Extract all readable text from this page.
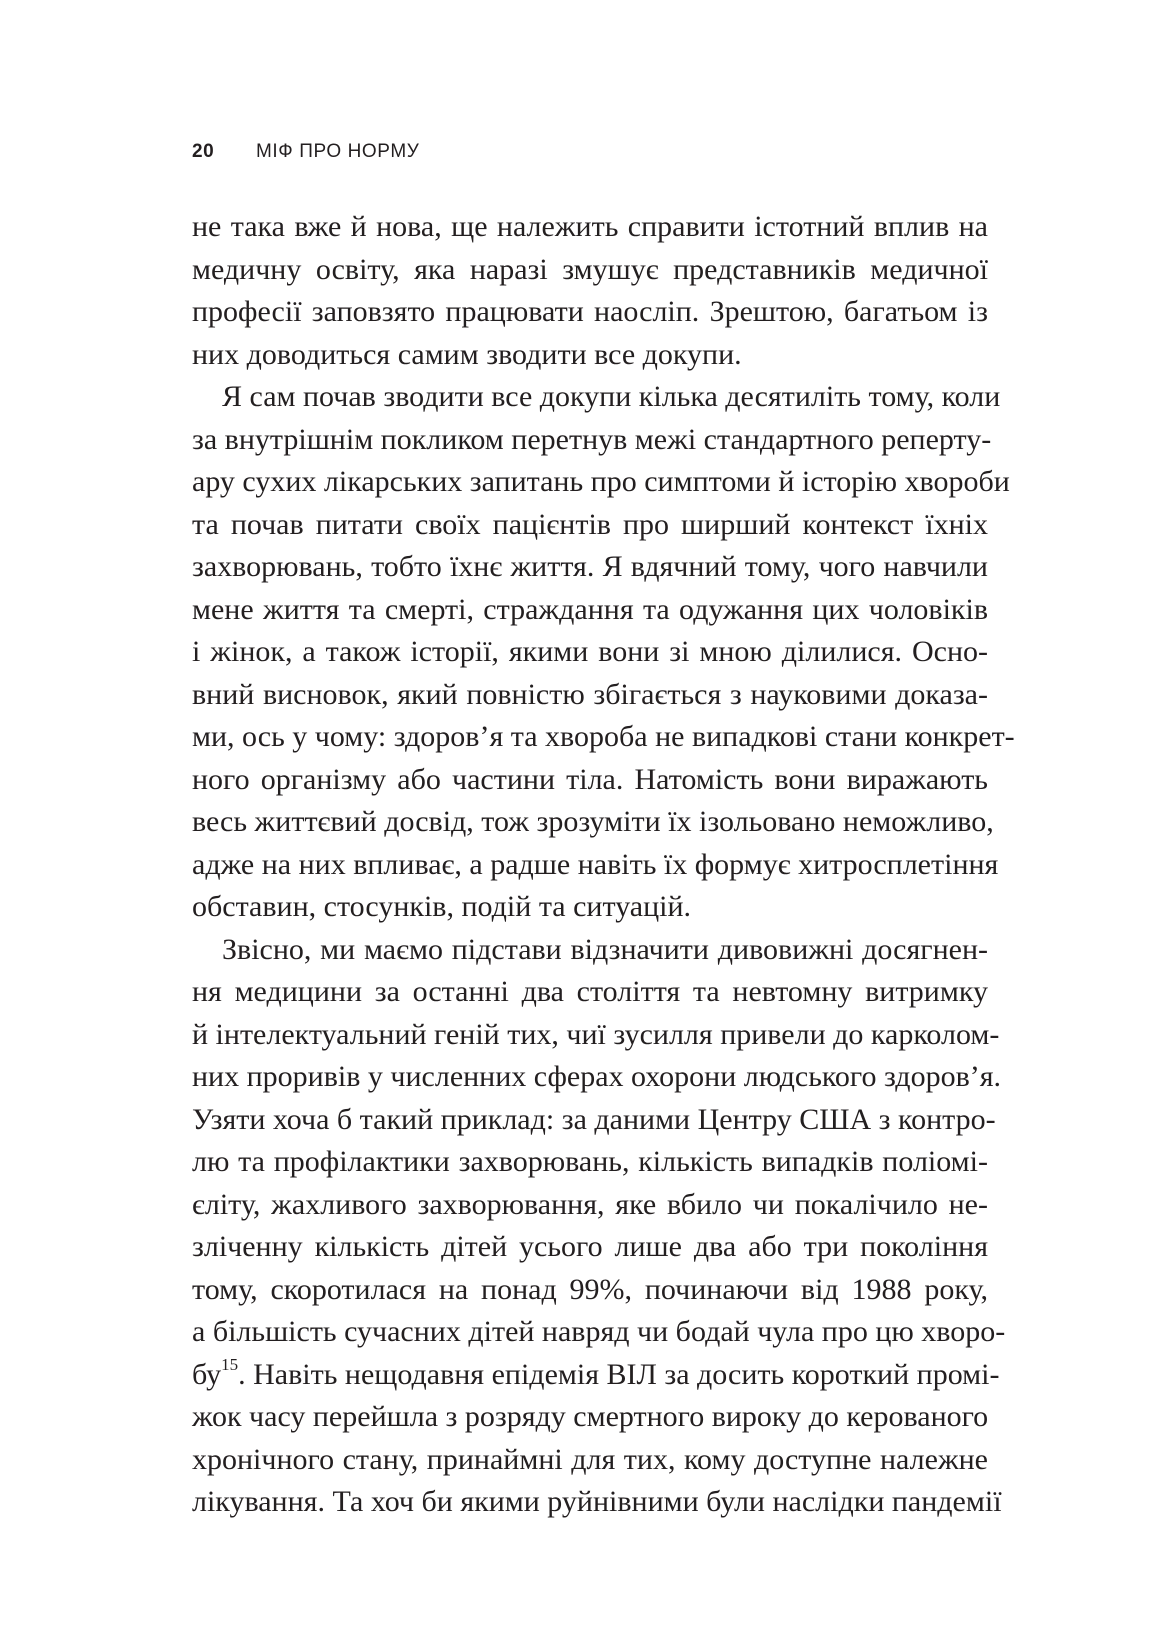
20 МІФ ПРО НОРМУ
не така вже й нова, ще належить справити істотний вплив на
медичну освіту, яка наразі змушує представників медичної
професії заповзято працювати наосліп. Зрештою, багатьом із
них доводиться самим зводити все докупи.
Я сам почав зводити все докупи кілька десятиліть тому, коли
за внутрішнім покликом перетнув межі стандартного реперту-
ару сухих лікарських запитань про симптоми й історію хвороби
та почав питати своїх пацієнтів про ширший контекст їхніх
захворювань, тобто їхнє життя. Я вдячний тому, чого навчили
мене життя та смерті, страждання та одужання цих чоловіків
і жінок, а також історії, якими вони зі мною ділилися. Осно-
вний висновок, який повністю збігається з науковими доказа-
ми, ось у чому: здоров’я та хвороба не випадкові стани конкрет-
ного організму або частини тіла. Натомість вони виражають
весь життєвий досвід, тож зрозуміти їх ізольовано неможливо,
адже на них впливає, а радше навіть їх формує хитросплетіння
обставин, стосунків, подій та ситуацій.
Звісно, ми маємо підстави відзначити дивовижні досягнен-
ня медицини за останні два століття та невтомну витримку
й інтелектуальний геній тих, чиї зусилля привели до карколом-
них проривів у численних сферах охорони людського здоров’я.
Узяти хоча б такий приклад: за даними Центру США з контро-
лю та профілактики захворювань, кількість випадків поліомі-
єліту, жахливого захворювання, яке вбило чи покалічило не-
зліченну кількість дітей усього лише два або три покоління
тому, скоротилася на понад 99%, починаючи від 1988 року,
а більшість сучасних дітей навряд чи бодай чула про цю хворо-
бу$^{15}$. Навіть нещодавня епідемія ВІЛ за досить короткий промі-
жок часу перейшла з розряду смертного вироку до керованого
хронічного стану, принаймні для тих, кому доступне належне
лікування. Та хоч би якими руйнівними були наслідки пандемії
